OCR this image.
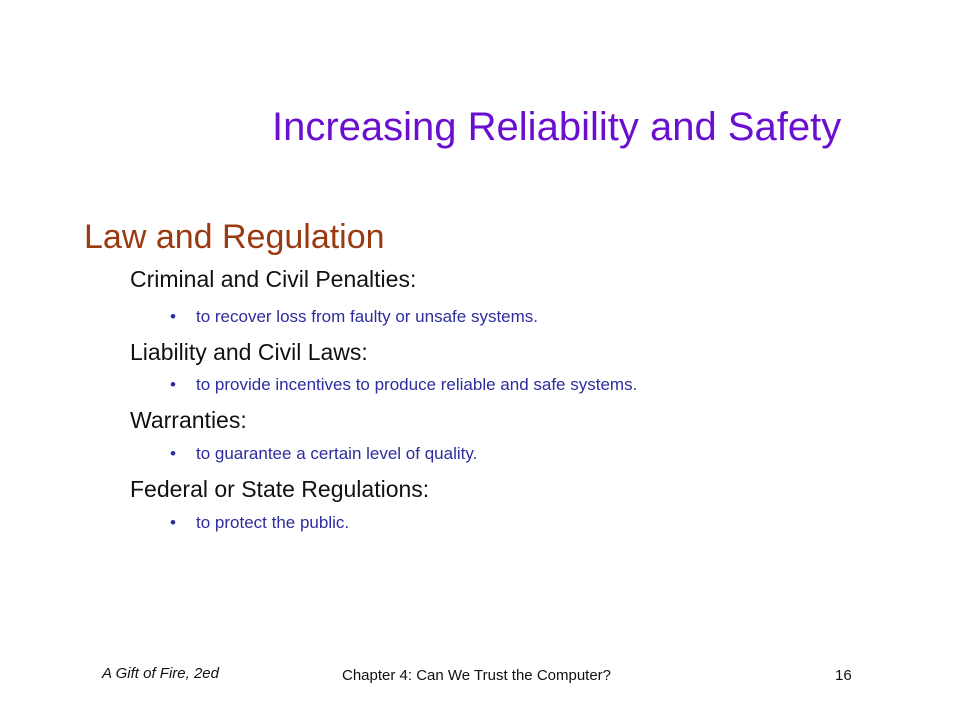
Increasing Reliability and Safety
Law and Regulation
Criminal and Civil Penalties:
• to recover loss from faulty or unsafe systems.
Liability and Civil Laws:
• to provide incentives to produce reliable and safe systems.
Warranties:
• to guarantee a certain level of quality.
Federal or State Regulations:
• to protect the public.
A Gift of Fire, 2ed	Chapter 4: Can We Trust the Computer?	16
